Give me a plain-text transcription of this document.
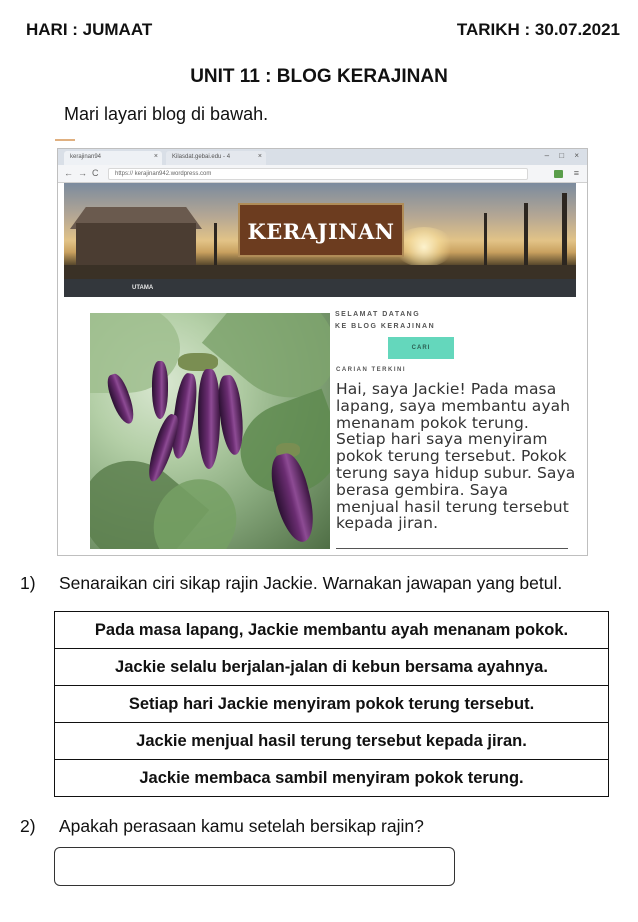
HARI : JUMAAT	TARIKH : 30.07.2021
UNIT 11 : BLOG KERAJINAN
Mari layari blog di bawah.
kerajinan94	×	Kilasdat.gebai.edu - 4	×	– □ ×
← → C	https:// kerajinan942.wordpress.com	≡
KERAJINAN
UTAMA
SELAMAT DATANG
KE BLOG KERAJINAN
CARI
CARIAN TERKINI
Hai, saya Jackie! Pada masa lapang, saya membantu ayah menanam pokok terung. Setiap hari saya menyiram pokok terung tersebut. Pokok terung saya hidup subur. Saya berasa gembira. Saya menjual hasil terung tersebut kepada jiran.
1) Senaraikan ciri sikap rajin Jackie. Warnakan jawapan yang betul.
Pada masa lapang, Jackie membantu ayah menanam pokok.
Jackie selalu berjalan-jalan di kebun bersama ayahnya.
Setiap hari Jackie menyiram pokok terung tersebut.
Jackie menjual hasil terung tersebut kepada jiran.
Jackie membaca sambil menyiram pokok terung.
2) Apakah perasaan kamu setelah bersikap rajin?
